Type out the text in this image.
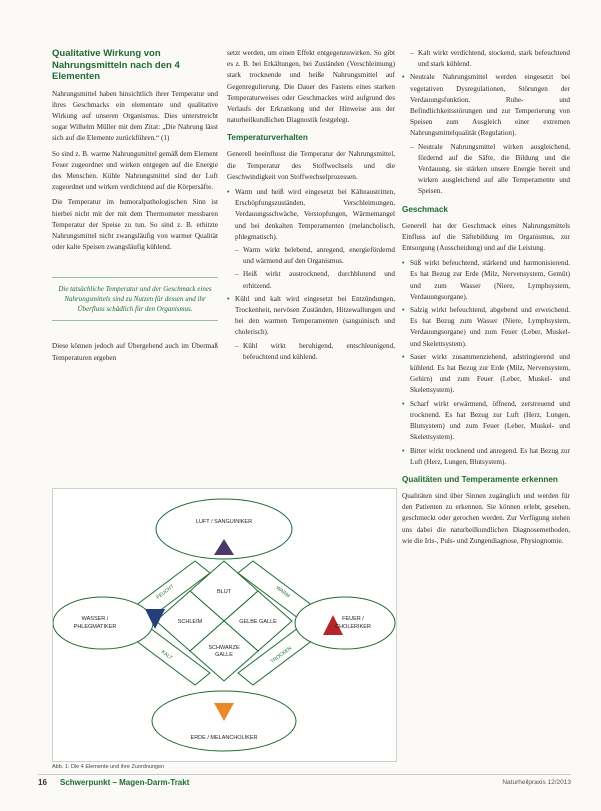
Qualitative Wirkung von Nahrungsmitteln nach den 4 Elementen

Nahrungsmittel haben hinsichtlich ihrer Temperatur und ihres Geschmacks ein elementare und qualitative Wirkung auf unseren Organismus. Dies unterstreicht sogar Wilhelm Müller mit dem Zitat: „Die Nahrung lässt sich auf die Elemente zurückführen.“ (1)

So sind z. B. warme Nahrungsmittel gemäß dem Element Feuer zugeordnet und wirken entgegen auf die Energie des Menschen. Kühle Nahrungsmittel sind der Luft zugeordnet und wirken verdichtend auf die Körpersäfte.

Die Temperatur im humoralpathologischen Sinn ist hierbei nicht mit der mit dem Thermometer messbaren Temperatur der Speise zu tun. So sind z. B. erhitzte Nahrungsmittel nicht zwangsläufig von warmer Qualität oder kalte Speisen zwangsläufig kühlend.

Die tatsächliche Temperatur und der Geschmack eines Nahrungsmittels sind zu Nutzen für dessen und ihr Überfluss schädlich für den Organismus.

Diese können jedoch auf Übergehend auch im Übermaß Temperaturen ergeben

setzt werden, um einen Effekt entgegenzuwirken. So gibt es z. B. bei Erkältungen, bei Zuständen (Verschleimung) stark trocknende und heiße Nahrungsmittel auf Gegenregulierung. Die Dauer des Fastens eines starken Temperaturweises oder Geschmackes wird aufgrund des Verlaufs der Erkrankung und der Hinweise aus der naturheilkundlichen Diagnostik festgelegt.

Temperaturverhalten

Generell beeinflusst die Temperatur der Nahrungsmittel, die Temperatur des Stoffwechsels und die Geschwindigkeit von Stoffwechselprozessen.

• Warm und heiß wird eingesetzt bei Kälteaustritten, Erschöpfungszuständen, Verschleimungen, Verdauungsschwäche, Verstopfungen, Wärmemangel und bei denkalten Temperamenten (melancholisch, phlegmatisch).
– Warm wirkt belebend, anregend, energiefördernd und wärmend auf den Organismus.
– Heiß wirkt austrocknend, durchblutend und erhitzend.
• Kühl und kalt wird eingesetzt bei Entzündungen, Trockenheit, nervösen Zuständen, Hitzewallungen und bei den warmen Temperamenten (sanguinisch und cholerisch).
– Kühl wirkt beruhigend, entschleunigend, befeuchtend und kühlend.
– Kalt wirkt verdichtend, stockend, stark befeuchtend und stark kühlend.
• Neutrale Nahrungsmittel werden eingesetzt bei vegetativen Dysregulationen, Störungen der Verdauungsfunktion, Ruhe- und Befindlichkeitsstörungen und zur Temperierung von Speisen zum Ausgleich einer extremen Nahrungsmittelqualität (Regulation).
– Neutrale Nahrungsmittel wirken ausgleichend, fördernd auf die Säfte, die Bildung und die Verdauung, sie stärken unsere Energie bereit und wirken ausgleichend auf alle Temperamente und Speisen.
Geschmack

Generell hat der Geschmack eines Nahrungsmittels Einfluss auf die Säftebildung im Organismus, zur Entsorgung (Ausscheidung) und auf die Leistung.

• Süß wirkt befeuchtend, stärkend und harmonisierend. Es hat Bezug zur Erde (Milz, Nervensystem, Gemüt) und zum Wasser (Niere, Lymphsystem, Verdauungsorgane).
• Salzig wirkt befeuchtend, abgebend und erweichend. Es hat Bezug zum Wasser (Niere, Lymphsystem, Verdauungsorgane) und zum Feuer (Leber, Muskel- und Skelettsystem).
• Sauer wirkt zusammenziehend, adstringierend und kühlend. Es hat Bezug zur Erde (Milz, Nervensystem, Gehirn) und zum Feuer (Leber, Muskel- und Skelettsystem).
• Scharf wirkt erwärmend, öffnend, zerstreuend und trocknend. Es hat Bezug zur Luft (Herz, Lungen, Blutsystem) und zum Feuer (Leber, Muskel- und Skelettsystem).
• Bitter wirkt trocknend und anregend. Es hat Bezug zur Luft (Herz, Lungen, Blutsystem).
Qualitäten und Temperamente erkennen

Qualitäten sind über Sinnen zugänglich und werden für den Patienten zu erkennen. Sie können erlebt, gesehen, geschmeckt oder gerochen werden. Zur Verfügung stehen uns dabei die naturheilkundlichen Diagnosemethoden, wie die Iris-, Puls- und Zungendiagnose, Physiognomie.

LUFT / SANGUINIKER
WASSER /
PHLEGMATIKER
FEUER /
CHOLERIKER
ERDE / MELANCHOLIKER
BLUT
SCHLEIM	GELBE GALLE
SCHWARZE
GALLE
FEUCHT	WARM
KALT	TROCKEN
Abb. 1: Die 4 Elemente und ihre Zuordnungen
16 Schwerpunkt – Magen-Darm-Trakt	Naturheilpraxis 12/2013
